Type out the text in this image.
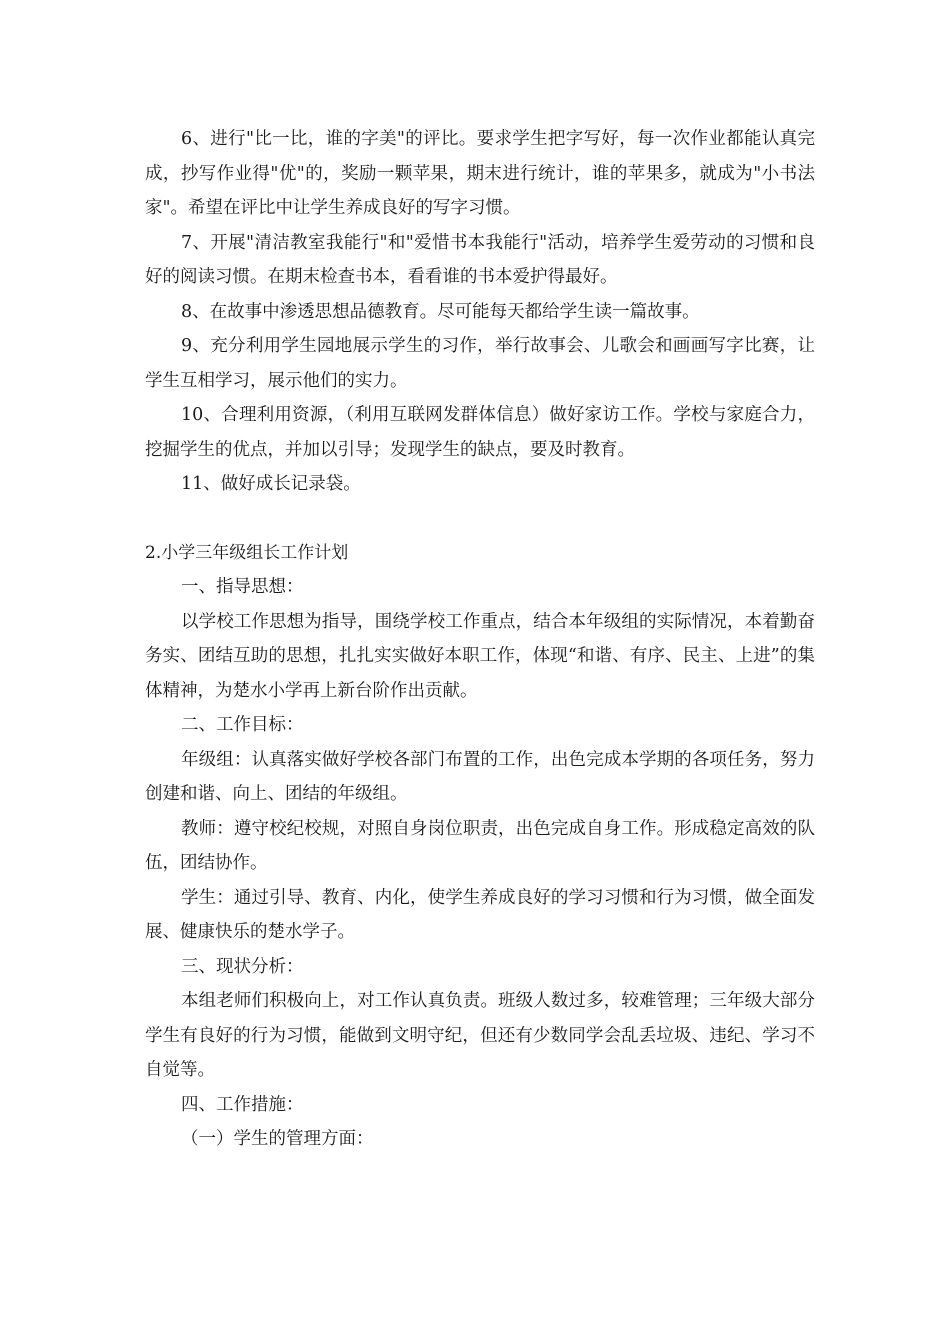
6、进行"比一比，谁的字美"的评比。要求学生把字写好，每一次作业都能认真完成，抄写作业得"优"的，奖励一颗苹果，期末进行统计，谁的苹果多，就成为"小书法家"。希望在评比中让学生养成良好的写字习惯。

7、开展"清洁教室我能行"和"爱惜书本我能行"活动，培养学生爱劳动的习惯和良好的阅读习惯。在期末检查书本，看看谁的书本爱护得最好。

8、在故事中渗透思想品德教育。尽可能每天都给学生读一篇故事。

9、充分利用学生园地展示学生的习作，举行故事会、儿歌会和画画写字比赛，让学生互相学习，展示他们的实力。

10、合理利用资源，（利用互联网发群体信息）做好家访工作。学校与家庭合力，挖掘学生的优点，并加以引导；发现学生的缺点，要及时教育。

11、做好成长记录袋。

2.小学三年级组长工作计划

一、指导思想：

以学校工作思想为指导，围绕学校工作重点，结合本年级组的实际情况，本着勤奋务实、团结互助的思想，扎扎实实做好本职工作，体现“和谐、有序、民主、上进”的集体精神，为楚水小学再上新台阶作出贡献。

二、工作目标：

年级组：认真落实做好学校各部门布置的工作，出色完成本学期的各项任务，努力创建和谐、向上、团结的年级组。

教师：遵守校纪校规，对照自身岗位职责，出色完成自身工作。形成稳定高效的队伍，团结协作。

学生：通过引导、教育、内化，使学生养成良好的学习习惯和行为习惯，做全面发展、健康快乐的楚水学子。

三、现状分析：

本组老师们积极向上，对工作认真负责。班级人数过多，较难管理；三年级大部分学生有良好的行为习惯，能做到文明守纪，但还有少数同学会乱丢垃圾、违纪、学习不自觉等。

四、工作措施：

（一）学生的管理方面：
